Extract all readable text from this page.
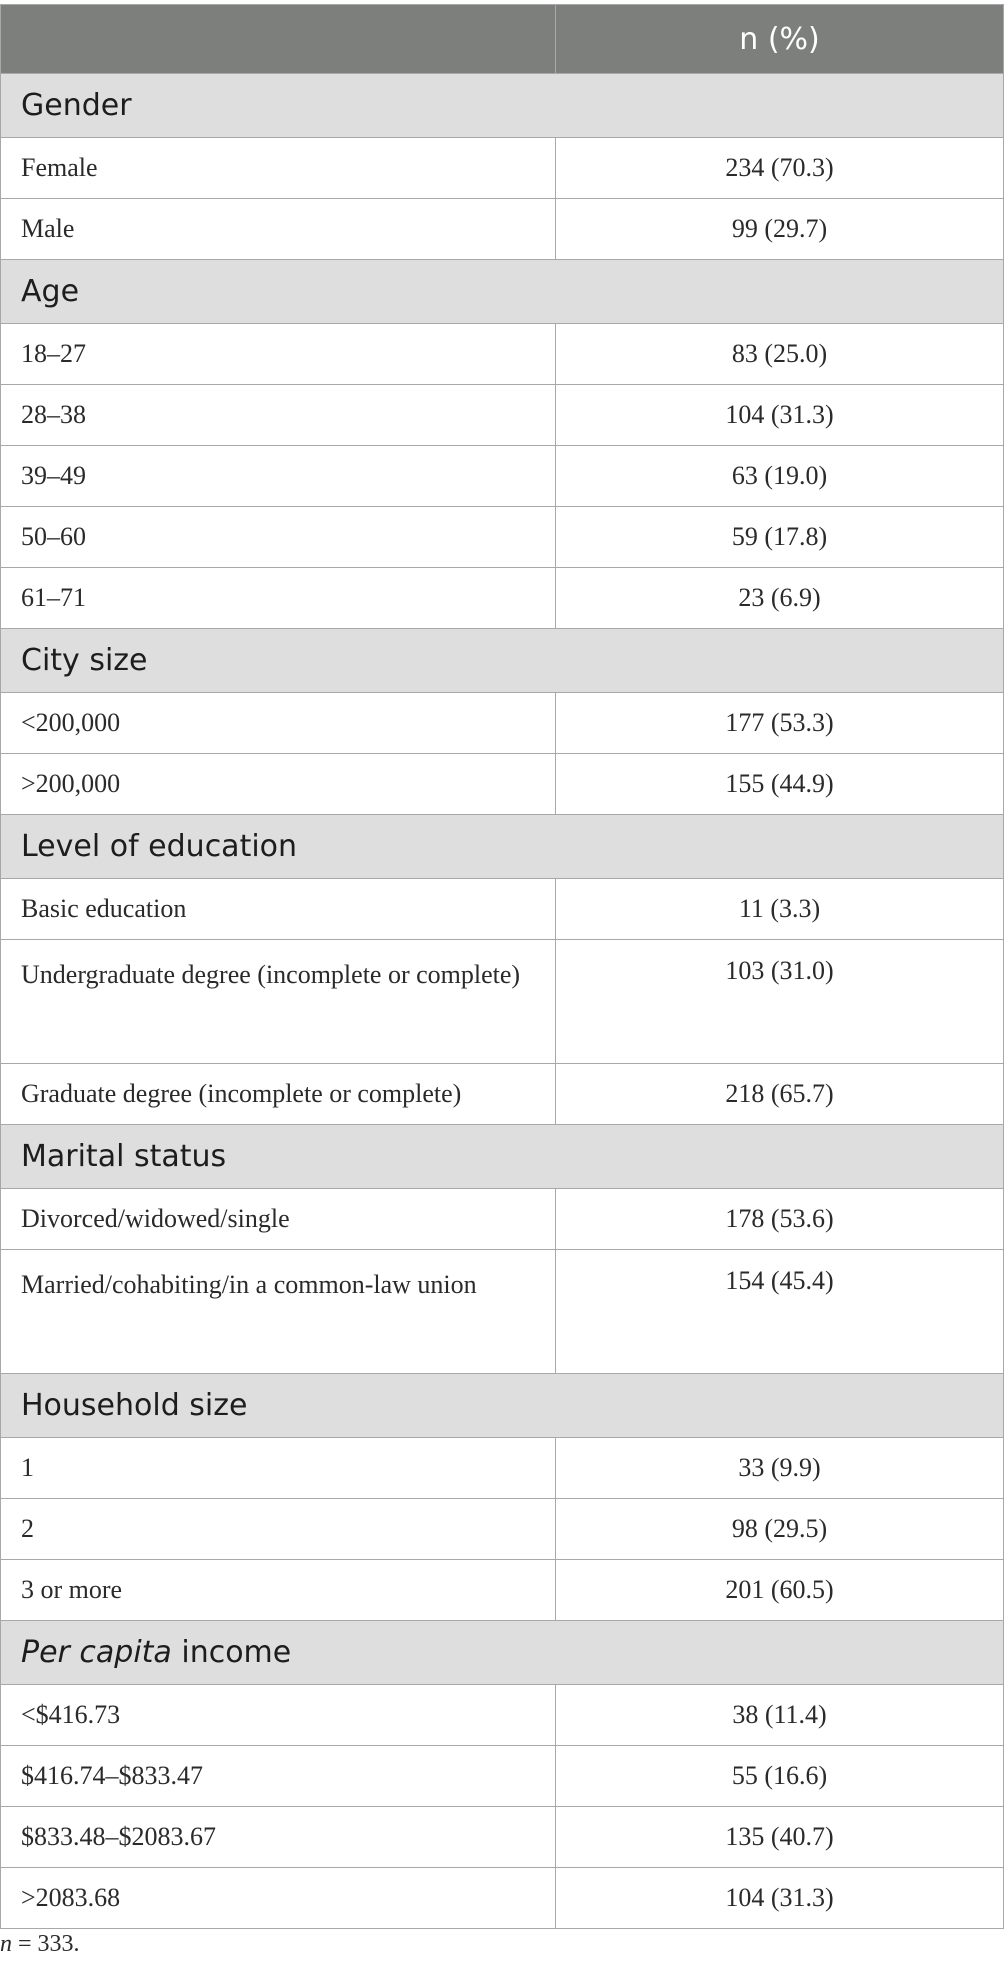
	n (%)
Gender	
Female	234 (70.3)
Male	99 (29.7)
Age	
18–27	83 (25.0)
28–38	104 (31.3)
39–49	63 (19.0)
50–60	59 (17.8)
61–71	23 (6.9)
City size	
<200,000	177 (53.3)
>200,000	155 (44.9)
Level of education	
Basic education	11 (3.3)
Undergraduate degree (incomplete or complete)	103 (31.0)
Graduate degree (incomplete or complete)	218 (65.7)
Marital status	
Divorced/widowed/single	178 (53.6)
Married/cohabiting/in a common-law union	154 (45.4)
Household size	
1	33 (9.9)
2	98 (29.5)
3 or more	201 (60.5)
Per capita income	
<$416.73	38 (11.4)
$416.74–$833.47	55 (16.6)
$833.48–$2083.67	135 (40.7)
>2083.68	104 (31.3)
n = 333.
